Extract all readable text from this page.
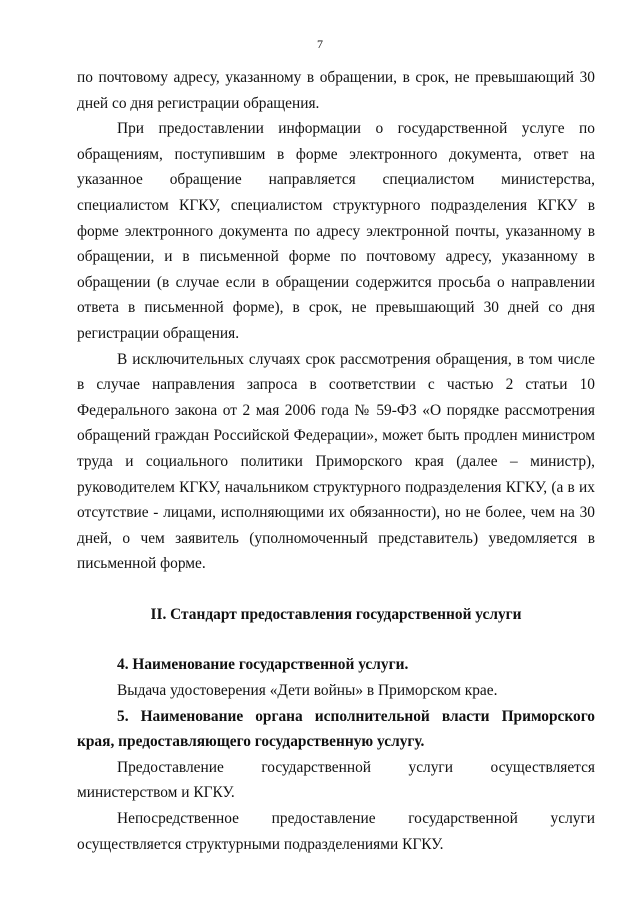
7

по почтовому адресу, указанному в обращении, в срок, не превышающий 30 дней со дня регистрации обращения.

При предоставлении информации о государственной услуге по обращениям, поступившим в форме электронного документа, ответ на указанное обращение направляется специалистом министерства, специалистом КГКУ, специалистом структурного подразделения КГКУ в форме электронного документа по адресу электронной почты, указанному в обращении, и в письменной форме по почтовому адресу, указанному в обращении (в случае если в обращении содержится просьба о направлении ответа в письменной форме), в срок, не превышающий 30 дней со дня регистрации обращения.

В исключительных случаях срок рассмотрения обращения, в том числе в случае направления запроса в соответствии с частью 2 статьи 10 Федерального закона от 2 мая 2006 года № 59-ФЗ «О порядке рассмотрения обращений граждан Российской Федерации», может быть продлен министром труда и социального политики Приморского края (далее – министр), руководителем КГКУ, начальником структурного подразделения КГКУ, (а в их отсутствие - лицами, исполняющими их обязанности), но не более, чем на 30 дней, о чем заявитель (уполномоченный представитель) уведомляется в письменной форме.

II. Стандарт предоставления государственной услуги

4. Наименование государственной услуги.

Выдача удостоверения «Дети войны» в Приморском крае.

5. Наименование органа исполнительной власти Приморского края, предоставляющего государственную услугу.

Предоставление государственной услуги осуществляется министерством и КГКУ.

Непосредственное предоставление государственной услуги

осуществляется структурными подразделениями КГКУ.
